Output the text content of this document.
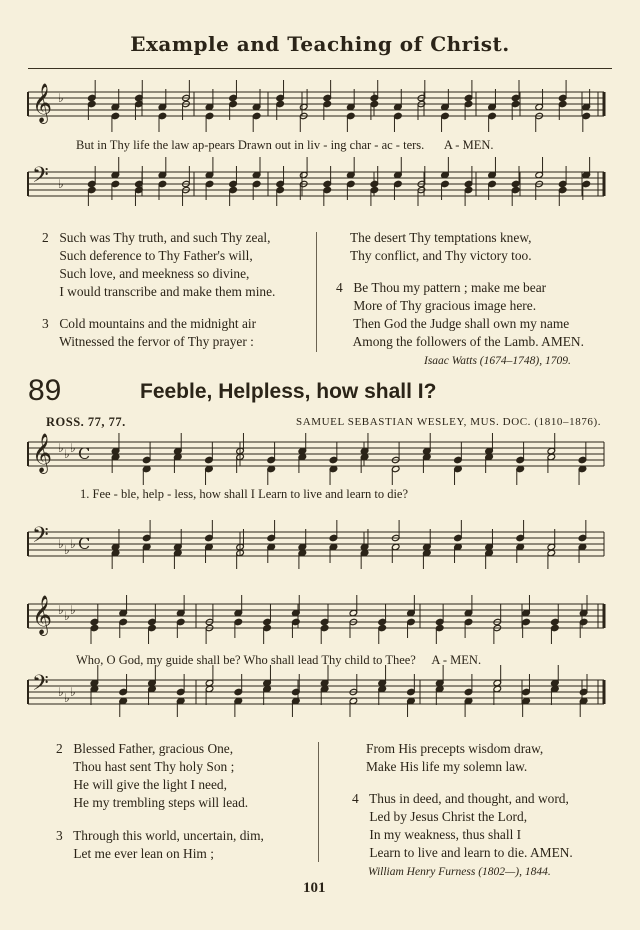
Example and Teaching of Christ.
𝄞 ♭
But in Thy life the law ap-pears Drawn out in liv - ing char - ac - ters. A - MEN.
𝄢 ♭
2 Such was Thy truth, and such Thy zeal,
Such deference to Thy Father's will,
Such love, and meekness so divine,
I would transcribe and make them mine.
3 Cold mountains and the midnight air
Witnessed the fervor of Thy prayer :
The desert Thy temptations knew,
Thy conflict, and Thy victory too.
4 Be Thou my pattern ; make me bear
More of Thy gracious image here.
Then God the Judge shall own my name
Among the followers of the Lamb. AMEN.
Isaac Watts (1674–1748), 1709.
89	Feeble, Helpless, how shall I?
ROSS. 77, 77.	SAMUEL SEBASTIAN WESLEY, MUS. DOC. (1810–1876).
𝄞 ♭ ♭ ♭ C
1. Fee - ble, help - less, how shall I Learn to live and learn to die?
𝄢 ♭ ♭ ♭ C
𝄞 ♭ ♭ ♭
Who, O God, my guide shall be? Who shall lead Thy child to Thee? A - MEN.
𝄢 ♭ ♭ ♭
2 Blessed Father, gracious One,
Thou hast sent Thy holy Son ;
He will give the light I need,
He my trembling steps will lead.
3 Through this world, uncertain, dim,
Let me ever lean on Him ;
From His precepts wisdom draw,
Make His life my solemn law.
4 Thus in deed, and thought, and word,
Led by Jesus Christ the Lord,
In my weakness, thus shall I
Learn to live and learn to die. AMEN.
William Henry Furness (1802—), 1844.
101
